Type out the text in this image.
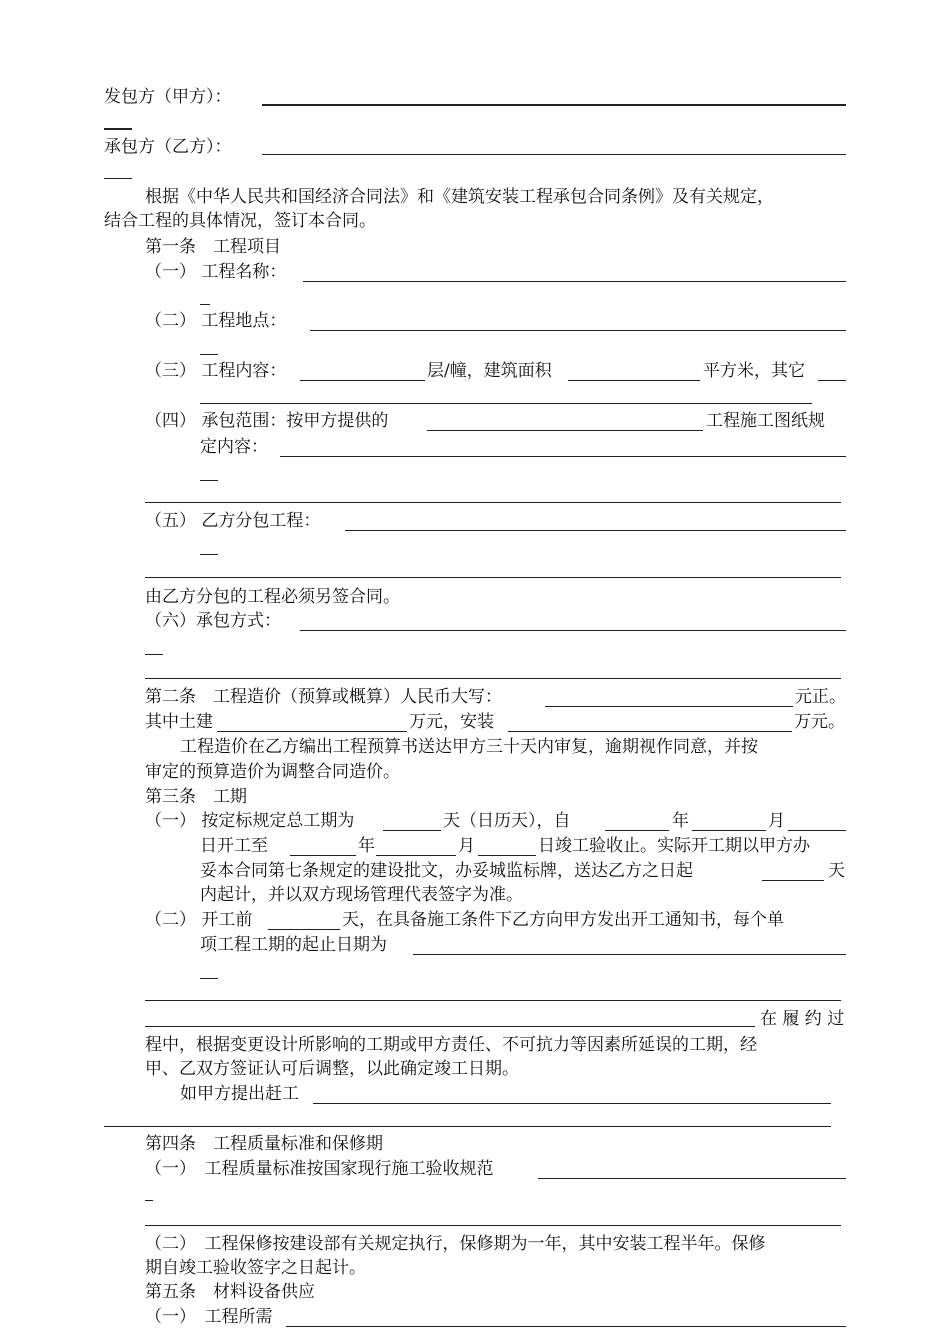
发包方（甲方）：
承包方（乙方）：
根据《中华人民共和国经济合同法》和《建筑安装工程承包合同条例》及有关规定，
结合工程的具体情况，签订本合同。
第一条　工程项目
（一） 工程名称：
（二） 工程地点：
（三） 工程内容：	层/幢，建筑面积	平方米，其它
（四） 承包范围：按甲方提供的	工程施工图纸规
定内容：
（五） 乙方分包工程：
由乙方分包的工程必须另签合同。
（六）承包方式：
第二条　工程造价（预算或概算）人民币大写：	元正。
其中土建	万元，安装	万元。
工程造价在乙方编出工程预算书送达甲方三十天内审复，逾期视作同意，并按
审定的预算造价为调整合同造价。
第三条　工期
（一） 按定标规定总工期为	天（日历天），自	年	月
日开工至	年	月	日竣工验收止。实际开工期以甲方办
妥本合同第七条规定的建设批文，办妥城监标牌，送达乙方之日起	天
内起计，并以双方现场管理代表签字为准。
（二） 开工前	天，在具备施工条件下乙方向甲方发出开工通知书，每个单
项工程工期的起止日期为
在 履 约 过
程中，根据变更设计所影响的工期或甲方责任、不可抗力等因素所延误的工期，经
甲、乙双方签证认可后调整，以此确定竣工日期。
如甲方提出赶工
第四条　工程质量标准和保修期
（一）　工程质量标准按国家现行施工验收规范
（二）　工程保修按建设部有关规定执行，保修期为一年，其中安装工程半年。保修
期自竣工验收签字之日起计。
第五条　材料设备供应
（一）　工程所需
